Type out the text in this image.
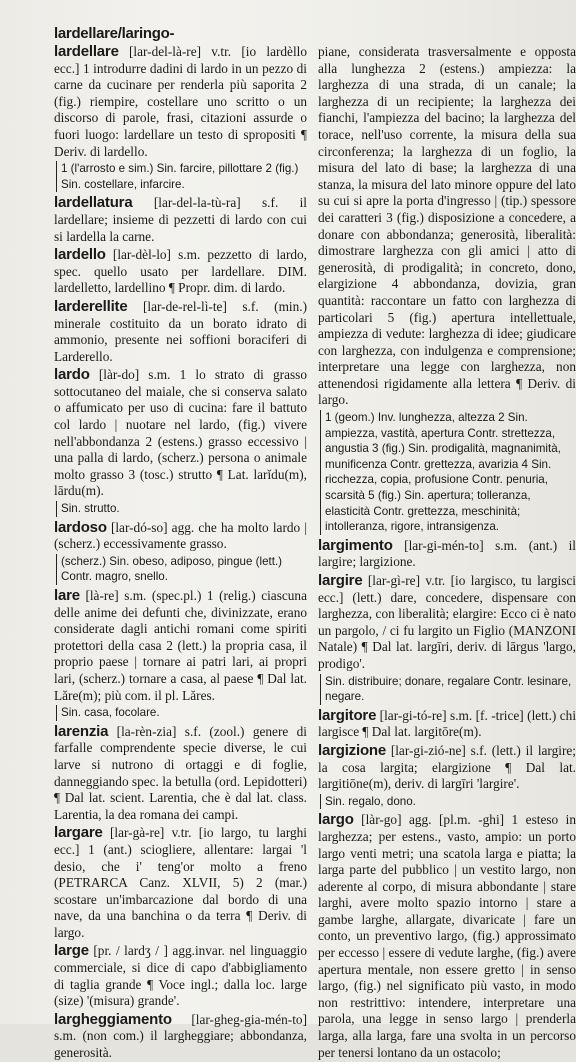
lardellare/laringo-
lardellare [lar-del-là-re] v.tr. [io lardèllo ecc.] 1 introdurre dadini di lardo in un pezzo di carne da cucinare per renderla più saporita 2 (fig.) riempire, costellare uno scritto o un discorso di parole, frasi, citazioni assurde o fuori luogo: lardellare un testo di spropositi ¶ Deriv. di lardello.
1 (l'arrosto e sim.) Sin. farcire, pillottare 2 (fig.) Sin. costellare, infarcire.
lardellatura [lar-del-la-tù-ra] s.f. il lardellare; insieme di pezzetti di lardo con cui si lardella la carne.
lardello [lar-dèl-lo] s.m. pezzetto di lardo, spec. quello usato per lardellare. DIM. lardelletto, lardellino ¶ Propr. dim. di lardo.
larderellite [lar-de-rel-lì-te] s.f. (min.) minerale costituito da un borato idrato di ammonio, presente nei soffioni boraciferi di Larderello.
lardo [làr-do] s.m. 1 lo strato di grasso sottocutaneo del maiale, che si conserva salato o affumicato per uso di cucina: fare il battuto col lardo | nuotare nel lardo, (fig.) vivere nell'abbondanza 2 (estens.) grasso eccessivo | una palla di lardo, (scherz.) persona o animale molto grasso 3 (tosc.) strutto ¶ Lat. larĭdu(m), lārdu(m).
Sin. strutto.
lardoso [lar-dó-so] agg. che ha molto lardo | (scherz.) eccessivamente grasso.
(scherz.) Sin. obeso, adiposo, pingue (lett.) Contr. magro, snello.
lare [là-re] s.m. (spec.pl.) 1 (relig.) ciascuna delle anime dei defunti che, divinizzate, erano considerate dagli antichi romani come spiriti protettori della casa 2 (lett.) la propria casa, il proprio paese | tornare ai patri lari, ai propri lari, (scherz.) tornare a casa, al paese ¶ Dal lat. Lăre(m); più com. il pl. Lăres.
Sin. casa, focolare.
larenzia [la-rèn-zia] s.f. (zool.) genere di farfalle comprendente specie diverse, le cui larve si nutrono di ortaggi e di foglie, danneggiando spec. la betulla (ord. Lepidotteri) ¶ Dal lat. scient. Larentia, che è dal lat. class. Larentia, la dea romana dei campi.
largare [lar-gà-re] v.tr. [io largo, tu larghi ecc.] 1 (ant.) sciogliere, allentare: largai 'l desio, che i' teng'or molto a freno (PETRARCA Canz. XLVII, 5) 2 (mar.) scostare un'imbarcazione dal bordo di una nave, da una banchina o da terra ¶ Deriv. di largo.
large [pr. / lardʒ / ] agg.invar. nel linguaggio commerciale, si dice di capo d'abbigliamento di taglia grande ¶ Voce ingl.; dalla loc. large (size) '(misura) grande'.
largheggiamento [lar-gheg-gia-mén-to] s.m. (non com.) il largheggiare; abbondanza, generosità.
piane, considerata trasversalmente e opposta alla lunghezza 2 (estens.) ampiezza: la larghezza di una strada, di un canale; la larghezza di un recipiente; la larghezza dei fianchi, l'ampiezza del bacino; la larghezza del torace, nell'uso corrente, la misura della sua circonferenza; la larghezza di un foglio, la misura del lato di base; la larghezza di una stanza, la misura del lato minore oppure del lato su cui si apre la porta d'ingresso | (tip.) spessore dei caratteri 3 (fig.) disposizione a concedere, a donare con abbondanza; generosità, liberalità: dimostrare larghezza con gli amici | atto di generosità, di prodigalità; in concreto, dono, elargizione 4 abbondanza, dovizia, gran quantità: raccontare un fatto con larghezza di particolari 5 (fig.) apertura intellettuale, ampiezza di vedute: larghezza di idee; giudicare con larghezza, con indulgenza e comprensione; interpretare una legge con larghezza, non attenendosi rigidamente alla lettera ¶ Deriv. di largo.
1 (geom.) Inv. lunghezza, altezza 2 Sin. ampiezza, vastità, apertura Contr. strettezza, angustia 3 (fig.) Sin. prodigalità, magnanimità, munificenza Contr. grettezza, avarizia 4 Sin. ricchezza, copia, profusione Contr. penuria, scarsità 5 (fig.) Sin. apertura; tolleranza, elasticità Contr. grettezza, meschinità; intolleranza, rigore, intransigenza.
largimento [lar-gi-mén-to] s.m. (ant.) il largire; largizione.
largire [lar-gì-re] v.tr. [io largisco, tu largisci ecc.] (lett.) dare, concedere, dispensare con larghezza, con liberalità; elargire: Ecco ci è nato un pargolo, / ci fu largito un Figlio (MANZONI Natale) ¶ Dal lat. largīri, deriv. di lārgus 'largo, prodigo'.
Sin. distribuire; donare, regalare Contr. lesinare, negare.
largitore [lar-gi-tó-re] s.m. [f. -trice] (lett.) chi largisce ¶ Dal lat. largitōre(m).
largizione [lar-gi-zió-ne] s.f. (lett.) il largire; la cosa largita; elargizione ¶ Dal lat. largitiōne(m), deriv. di largīri 'largire'.
Sin. regalo, dono.
largo [làr-go] agg. [pl.m. -ghi] 1 esteso in larghezza; per estens., vasto, ampio: un porto largo venti metri; una scatola larga e piatta; la larga parte del pubblico | un vestito largo, non aderente al corpo, di misura abbondante | stare larghi, avere molto spazio intorno | stare a gambe larghe, allargate, divaricate | fare un conto, un preventivo largo, (fig.) approssimato per eccesso | essere di vedute larghe, (fig.) avere apertura mentale, non essere gretto | in senso largo, (fig.) nel significato più vasto, in modo non restrittivo: intendere, interpretare una parola, una legge in senso largo | prenderla larga, alla larga, fare una svolta in un percorso per tenersi lontano da un ostacolo;
